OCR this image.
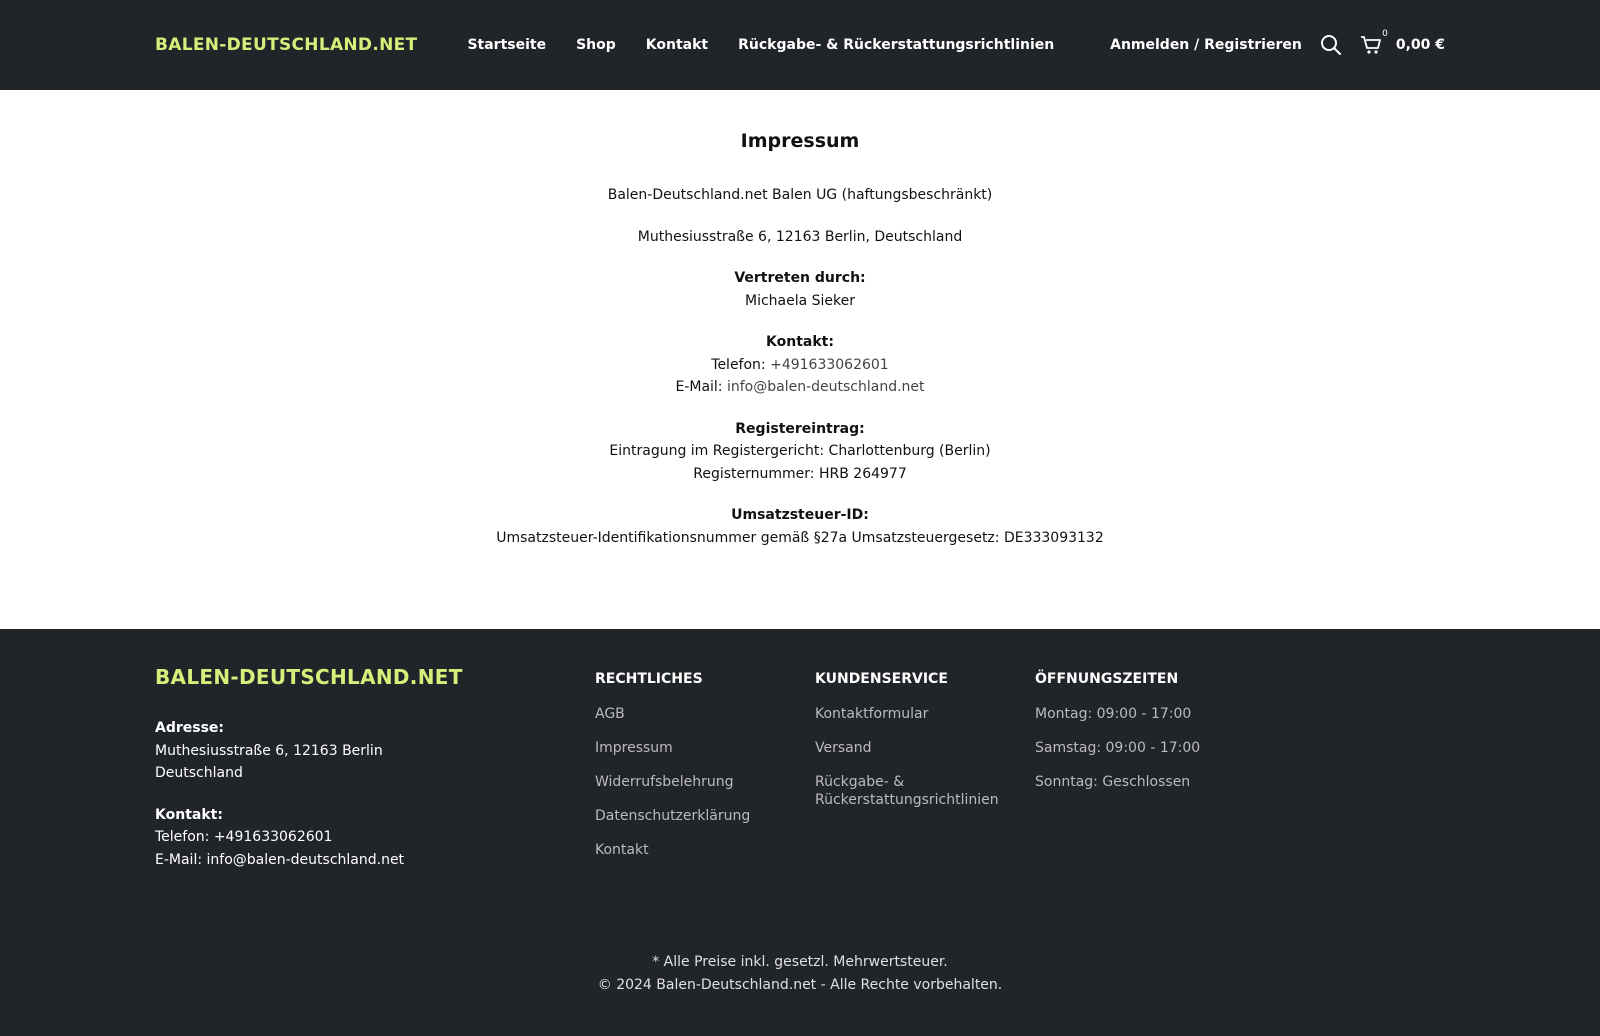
BALEN-DEUTSCHLAND.NET	Startseite Shop Kontakt Rückgabe- & Rückerstattungsrichtlinien	Anmelden / Registrieren
0
0,00 €
Impressum

Balen-Deutschland.net Balen UG (haftungsbeschränkt)

Muthesiusstraße 6, 12163 Berlin, Deutschland

Vertreten durch:
Michaela Sieker

Kontakt:
Telefon: +491633062601
E-Mail: info@balen-deutschland.net

Registereintrag:
Eintragung im Registergericht: Charlottenburg (Berlin)
Registernummer: HRB 264977

Umsatzsteuer-ID:
Umsatzsteuer-Identifikationsnummer gemäß §27a Umsatzsteuergesetz: DE333093132

BALEN-DEUTSCHLAND.NET
Adresse:
Muthesiusstraße 6, 12163 Berlin
Deutschland
Kontakt:
Telefon: +491633062601
E-Mail: info@balen-deutschland.net
RECHTLICHES
AGB
Impressum
Widerrufsbelehrung
Datenschutzerklärung
Kontakt
KUNDENSERVICE
Kontaktformular
Versand
Rückgabe- & Rückerstattungsrichtlinien
ÖFFNUNGSZEITEN
Montag: 09:00 - 17:00
Samstag: 09:00 - 17:00
Sonntag: Geschlossen
* Alle Preise inkl. gesetzl. Mehrwertsteuer.
© 2024 Balen-Deutschland.net - Alle Rechte vorbehalten.
